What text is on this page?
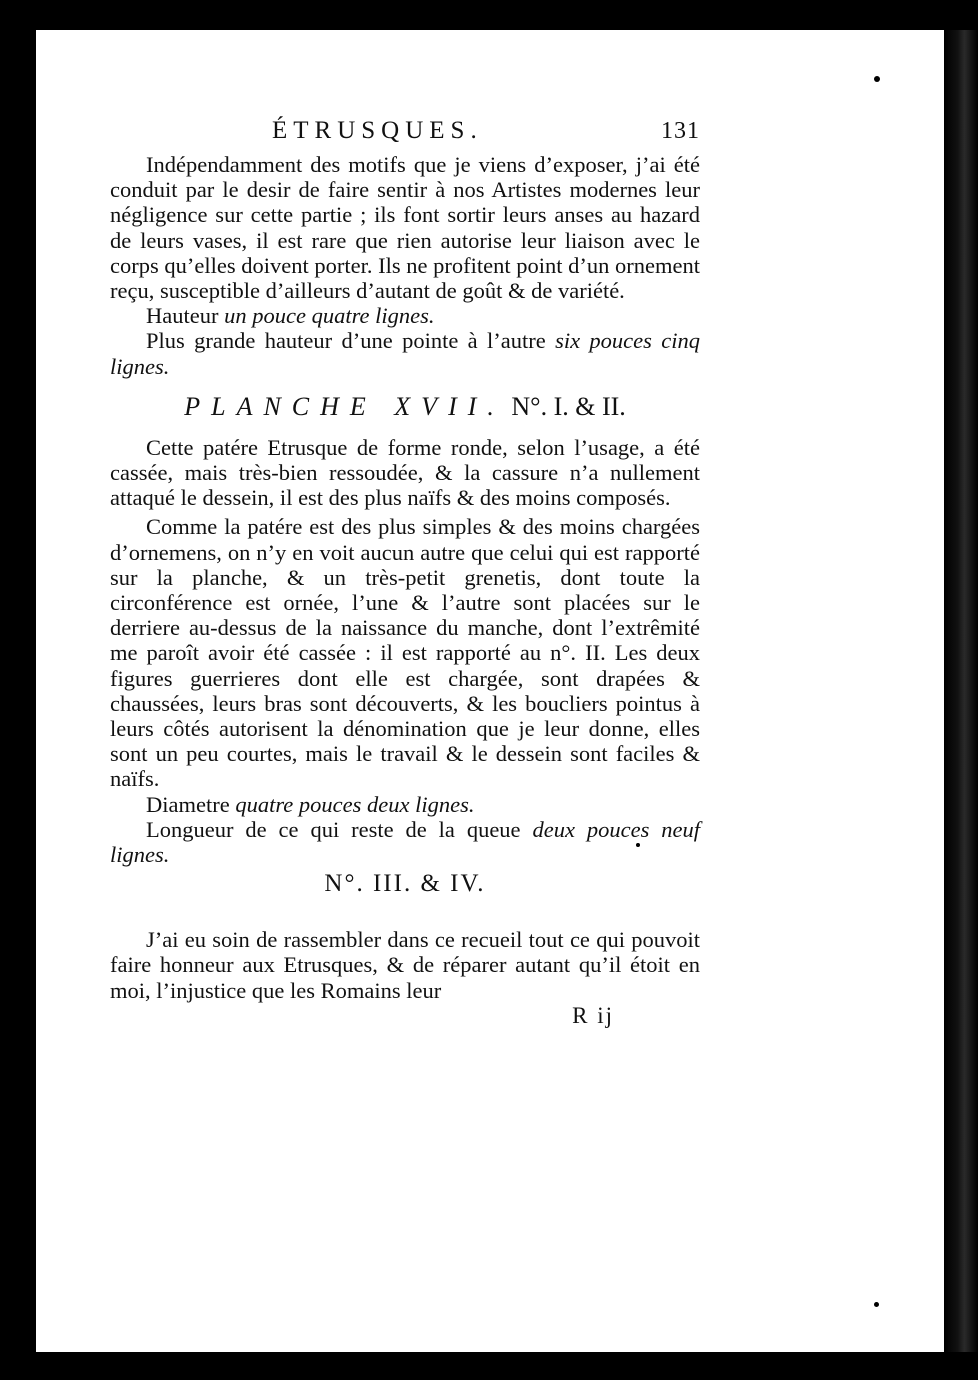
ÉTRUSQUES.	131

Indépendamment des motifs que je viens d’exposer, j’ai été conduit par le desir de faire sentir à nos Artistes modernes leur négligence sur cette partie ; ils font sortir leurs anses au hazard de leurs vases, il est rare que rien autorise leur liaison avec le corps qu’elles doivent porter. Ils ne profitent point d’un ornement reçu, susceptible d’ailleurs d’autant de goût & de variété.

Hauteur un pouce quatre lignes.

Plus grande hauteur d’une pointe à l’autre six pouces cinq lignes.

PLANCHE XVII. N°. I. & II.

Cette patére Etrusque de forme ronde, selon l’usage, a été cassée, mais très-bien ressoudée, & la cassure n’a nullement attaqué le dessein, il est des plus naïfs & des moins composés.

Comme la patére est des plus simples & des moins chargées d’ornemens, on n’y en voit aucun autre que celui qui est rapporté sur la planche, & un très-petit grenetis, dont toute la circonférence est ornée, l’une & l’autre sont placées sur le derriere au-dessus de la naissance du manche, dont l’extrêmité me paroît avoir été cassée : il est rapporté au n°. II. Les deux figures guerrieres dont elle est chargée, sont drapées & chaussées, leurs bras sont découverts, & les boucliers pointus à leurs côtés autorisent la dénomination que je leur donne, elles sont un peu courtes, mais le travail & le dessein sont faciles & naïfs.

Diametre quatre pouces deux lignes.

Longueur de ce qui reste de la queue deux pouces neuf lignes.

N°. III. & IV.

J’ai eu soin de rassembler dans ce recueil tout ce qui pouvoit faire honneur aux Etrusques, & de réparer autant qu’il étoit en moi, l’injustice que les Romains leur

R ij
